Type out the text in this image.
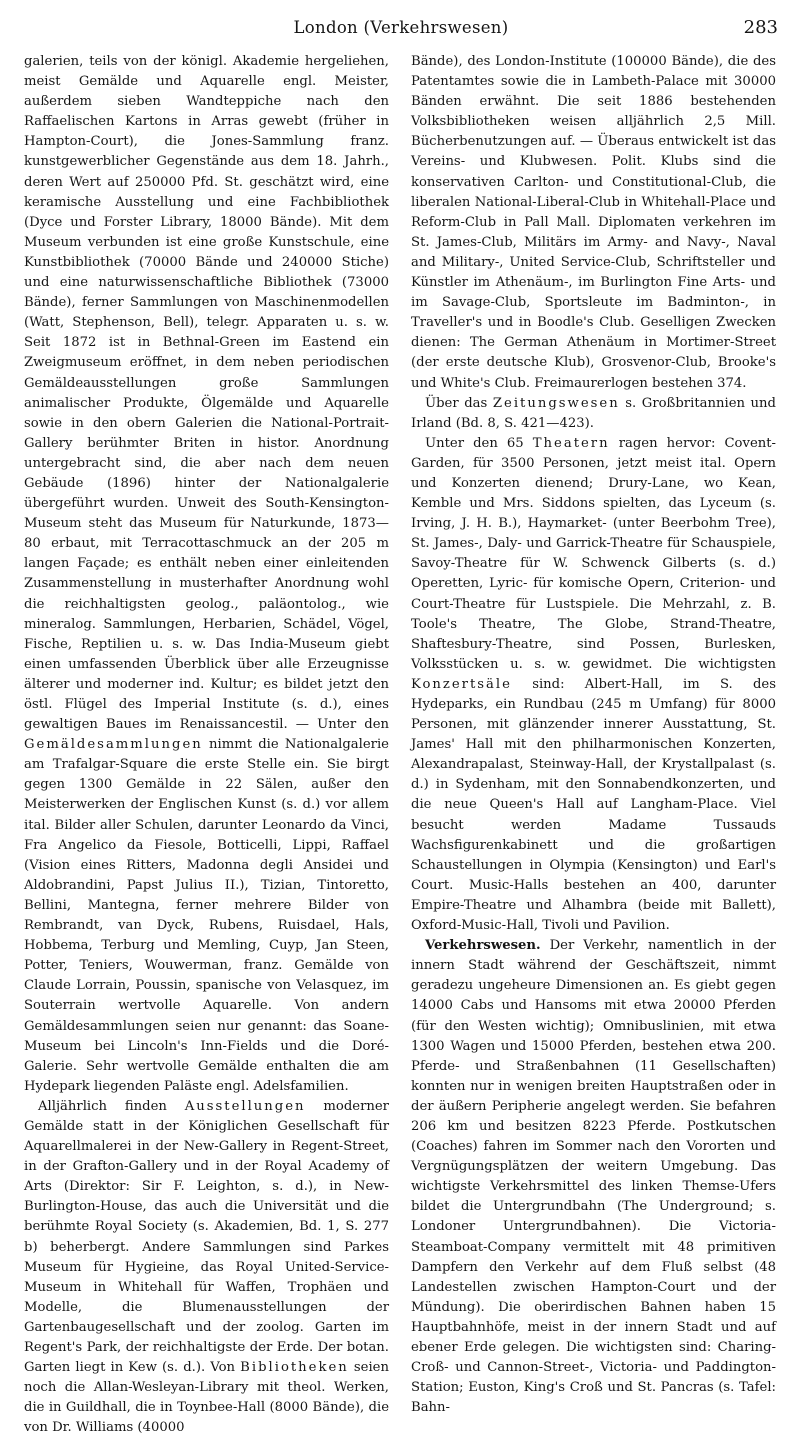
London (Verkehrswesen)	283

galerien, teils von der königl. Akademie hergeliehen, meist Gemälde und Aquarelle engl. Meister, außerdem sieben Wandteppiche nach den Raffaelischen Kartons in Arras gewebt (früher in Hampton-Court), die Jones-Sammlung franz. kunstgewerblicher Gegenstände aus dem 18. Jahrh., deren Wert auf 250000 Pfd. St. geschätzt wird, eine keramische Ausstellung und eine Fachbibliothek (Dyce und Forster Library, 18000 Bände). Mit dem Museum verbunden ist eine große Kunstschule, eine Kunstbibliothek (70000 Bände und 240000 Stiche) und eine naturwissenschaftliche Bibliothek (73000 Bände), ferner Sammlungen von Maschinenmodellen (Watt, Stephenson, Bell), telegr. Apparaten u. s. w. Seit 1872 ist in Bethnal-Green im Eastend ein Zweigmuseum eröffnet, in dem neben periodischen Gemäldeausstellungen große Sammlungen animalischer Produkte, Ölgemälde und Aquarelle sowie in den obern Galerien die National-Portrait-Gallery berühmter Briten in histor. Anordnung untergebracht sind, die aber nach dem neuen Gebäude (1896) hinter der Nationalgalerie übergeführt wurden. Unweit des South-Kensington-Museum steht das Museum für Naturkunde, 1873—80 erbaut, mit Terracottaschmuck an der 205 m langen Façade; es enthält neben einer einleitenden Zusammenstellung in musterhafter Anordnung wohl die reichhaltigsten geolog., paläontolog., wie mineralog. Sammlungen, Herbarien, Schädel, Vögel, Fische, Reptilien u. s. w. Das India-Museum giebt einen umfassenden Überblick über alle Erzeugnisse älterer und moderner ind. Kultur; es bildet jetzt den östl. Flügel des Imperial Institute (s. d.), eines gewaltigen Baues im Renaissancestil. — Unter den Gemäldesammlungen nimmt die Nationalgalerie am Trafalgar-Square die erste Stelle ein. Sie birgt gegen 1300 Gemälde in 22 Sälen, außer den Meisterwerken der Englischen Kunst (s. d.) vor allem ital. Bilder aller Schulen, darunter Leonardo da Vinci, Fra Angelico da Fiesole, Botticelli, Lippi, Raffael (Vision eines Ritters, Madonna degli Ansidei und Aldobrandini, Papst Julius II.), Tizian, Tintoretto, Bellini, Mantegna, ferner mehrere Bilder von Rembrandt, van Dyck, Rubens, Ruisdael, Hals, Hobbema, Terburg und Memling, Cuyp, Jan Steen, Potter, Teniers, Wouwerman, franz. Gemälde von Claude Lorrain, Poussin, spanische von Velasquez, im Souterrain wertvolle Aquarelle. Von andern Gemäldesammlungen seien nur genannt: das Soane-Museum bei Lincoln's Inn-Fields und die Doré-Galerie. Sehr wertvolle Gemälde enthalten die am Hydepark liegenden Paläste engl. Adelsfamilien.

Alljährlich finden Ausstellungen moderner Gemälde statt in der Königlichen Gesellschaft für Aquarellmalerei in der New-Gallery in Regent-Street, in der Grafton-Gallery und in der Royal Academy of Arts (Direktor: Sir F. Leighton, s. d.), in New-Burlington-House, das auch die Universität und die berühmte Royal Society (s. Akademien, Bd. 1, S. 277 b) beherbergt. Andere Sammlungen sind Parkes Museum für Hygieine, das Royal United-Service-Museum in Whitehall für Waffen, Trophäen und Modelle, die Blumenausstellungen der Gartenbaugesellschaft und der zoolog. Garten im Regent's Park, der reichhaltigste der Erde. Der botan. Garten liegt in Kew (s. d.). Von Bibliotheken seien noch die Allan-Wesleyan-Library mit theol. Werken, die in Guildhall, die in Toynbee-Hall (8000 Bände), die von Dr. Williams (40000

Bände), des London-Institute (100000 Bände), die des Patentamtes sowie die in Lambeth-Palace mit 30000 Bänden erwähnt. Die seit 1886 bestehenden Volksbibliotheken weisen alljährlich 2,5 Mill. Bücherbenutzungen auf. — Überaus entwickelt ist das Vereins- und Klubwesen. Polit. Klubs sind die konservativen Carlton- und Constitutional-Club, die liberalen National-Liberal-Club in Whitehall-Place und Reform-Club in Pall Mall. Diplomaten verkehren im St. James-Club, Militärs im Army- and Navy-, Naval and Military-, United Service-Club, Schriftsteller und Künstler im Athenäum-, im Burlington Fine Arts- und im Savage-Club, Sportsleute im Badminton-, in Traveller's und in Boodle's Club. Geselligen Zwecken dienen: The German Athenäum in Mortimer-Street (der erste deutsche Klub), Grosvenor-Club, Brooke's und White's Club. Freimaurerlogen bestehen 374.

Über das Zeitungswesen s. Großbritannien und Irland (Bd. 8, S. 421—423).

Unter den 65 Theatern ragen hervor: Covent-Garden, für 3500 Personen, jetzt meist ital. Opern und Konzerten dienend; Drury-Lane, wo Kean, Kemble und Mrs. Siddons spielten, das Lyceum (s. Irving, J. H. B.), Haymarket- (unter Beerbohm Tree), St. James-, Daly- und Garrick-Theatre für Schauspiele, Savoy-Theatre für W. Schwenck Gilberts (s. d.) Operetten, Lyric- für komische Opern, Criterion- und Court-Theatre für Lustspiele. Die Mehrzahl, z. B. Toole's Theatre, The Globe, Strand-Theatre, Shaftesbury-Theatre, sind Possen, Burlesken, Volksstücken u. s. w. gewidmet. Die wichtigsten Konzertsäle sind: Albert-Hall, im S. des Hydeparks, ein Rundbau (245 m Umfang) für 8000 Personen, mit glänzender innerer Ausstattung, St. James' Hall mit den philharmonischen Konzerten, Alexandrapalast, Steinway-Hall, der Krystallpalast (s. d.) in Sydenham, mit den Sonnabendkonzerten, und die neue Queen's Hall auf Langham-Place. Viel besucht werden Madame Tussauds Wachsfigurenkabinett und die großartigen Schaustellungen in Olympia (Kensington) und Earl's Court. Music-Halls bestehen an 400, darunter Empire-Theatre und Alhambra (beide mit Ballett), Oxford-Music-Hall, Tivoli und Pavilion.

Verkehrswesen. Der Verkehr, namentlich in der innern Stadt während der Geschäftszeit, nimmt geradezu ungeheure Dimensionen an. Es giebt gegen 14000 Cabs und Hansoms mit etwa 20000 Pferden (für den Westen wichtig); Omnibuslinien, mit etwa 1300 Wagen und 15000 Pferden, bestehen etwa 200. Pferde- und Straßenbahnen (11 Gesellschaften) konnten nur in wenigen breiten Hauptstraßen oder in der äußern Peripherie angelegt werden. Sie befahren 206 km und besitzen 8223 Pferde. Postkutschen (Coaches) fahren im Sommer nach den Vororten und Vergnügungsplätzen der weitern Umgebung. Das wichtigste Verkehrsmittel des linken Themse-Ufers bildet die Untergrundbahn (The Underground; s. Londoner Untergrundbahnen). Die Victoria-Steamboat-Company vermittelt mit 48 primitiven Dampfern den Verkehr auf dem Fluß selbst (48 Landestellen zwischen Hampton-Court und der Mündung). Die oberirdischen Bahnen haben 15 Hauptbahnhöfe, meist in der innern Stadt und auf ebener Erde gelegen. Die wichtigsten sind: Charing-Croß- und Cannon-Street-, Victoria- und Paddington-Station; Euston, King's Croß und St. Pancras (s. Tafel: Bahn-
